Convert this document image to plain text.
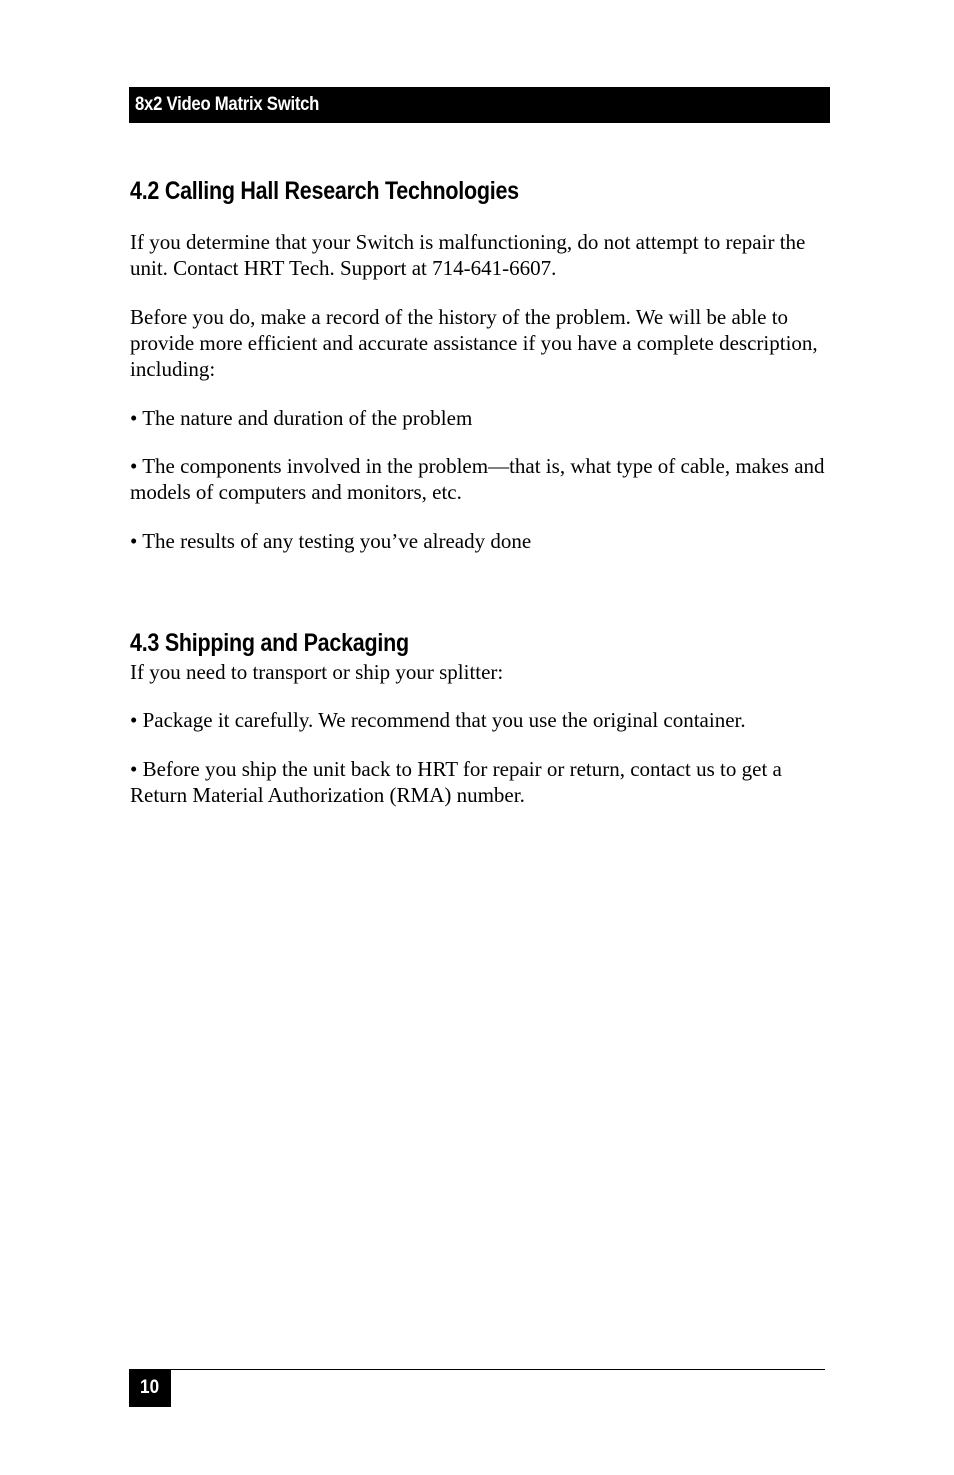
8x2 Video Matrix Switch
4.2 Calling Hall Research Technologies

If you determine that your Switch is malfunctioning, do not attempt to repair the unit. Contact HRT Tech. Support at 714-641-6607.

Before you do, make a record of the history of the problem. We will be able to provide more efficient and accurate assistance if you have a complete description, including:

• The nature and duration of the problem

• The components involved in the problem—that is, what type of cable, makes and models of computers and monitors, etc.

• The results of any testing you’ve already done

4.3 Shipping and Packaging

If you need to transport or ship your splitter:

• Package it carefully. We recommend that you use the original container.

• Before you ship the unit back to HRT for repair or return, contact us to get a Return Material Authorization (RMA) number.

10
